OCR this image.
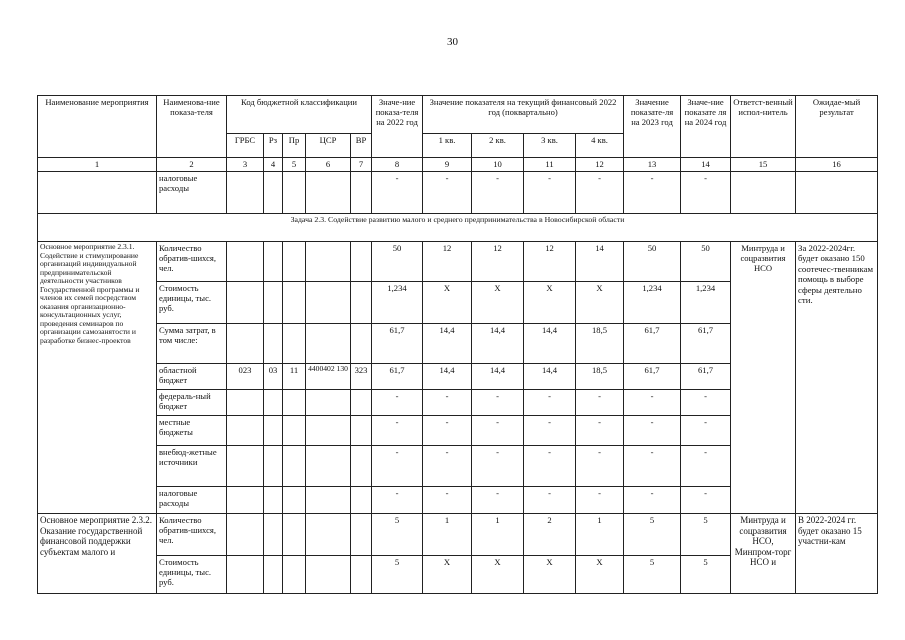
30
Наименование мероприятия	Наименова-ние показа-теля	Код бюджетной классификации					Значе-ние показа-теля на 2022 год	Значение показателя на текущий финансовый 2022 год (поквартально)				Значение показате-ля на 2023 год	Значе-ние показате ля на 2024 год	Ответст-венный испол-нитель	Ожидае-мый результат
		ГРБС	Рз	Пр	ЦСР	ВР		1 кв.	2 кв.	3 кв.	4 кв.				
1	2	3	4	5	6	7	8	9	10	11	12	13	14	15	16
	налоговые расходы						-	-	-	-	-	-	-		
Задача 2.3. Содействие развитию малого и среднего предпринимательства в Новосибирской области															
Основное мероприятие 2.3.1. Содействие и стимулирование организаций индивидуальной предпринимательской деятельности участников Государственной программы и членов их семей посредством оказания организационно-консультационных услуг, проведения семинаров по организации самозанятости и разработке бизнес-проектов	Количество обратив-шихся, чел.						50	12	12	12	14	50	50	Минтруда и соцразвития НСО	За 2022-2024гг. будет оказано 150 соотечес-твенникам помощь в выборе сферы деятельно сти.
	Стоимость единицы, тыс. руб.						1,234	X	X	X	X	1,234	1,234		
	Сумма затрат, в том числе:						61,7	14,4	14,4	14,4	18,5	61,7	61,7		
	областной бюджет	023	03	11	4400402 130	323	61,7	14,4	14,4	14,4	18,5	61,7	61,7		
	федераль-ный бюджет						-	-	-	-	-	-	-		
	местные бюджеты						-	-	-	-	-	-	-		
	внебюд-жетные источники						-	-	-	-	-	-	-		
	налоговые расходы						-	-	-	-	-	-	-		
Основное мероприятие 2.3.2. Оказание государственной финансовой поддержки субъектам малого и	Количество обратив-шихся, чел.						5	1	1	2	1	5	5	Минтруда и соцразвития НСО, Минпром-торг НСО и	В 2022-2024 гг. будет оказано 15 участни-кам
	Стоимость единицы, тыс. руб.						5	X	X	X	X	5	5		
